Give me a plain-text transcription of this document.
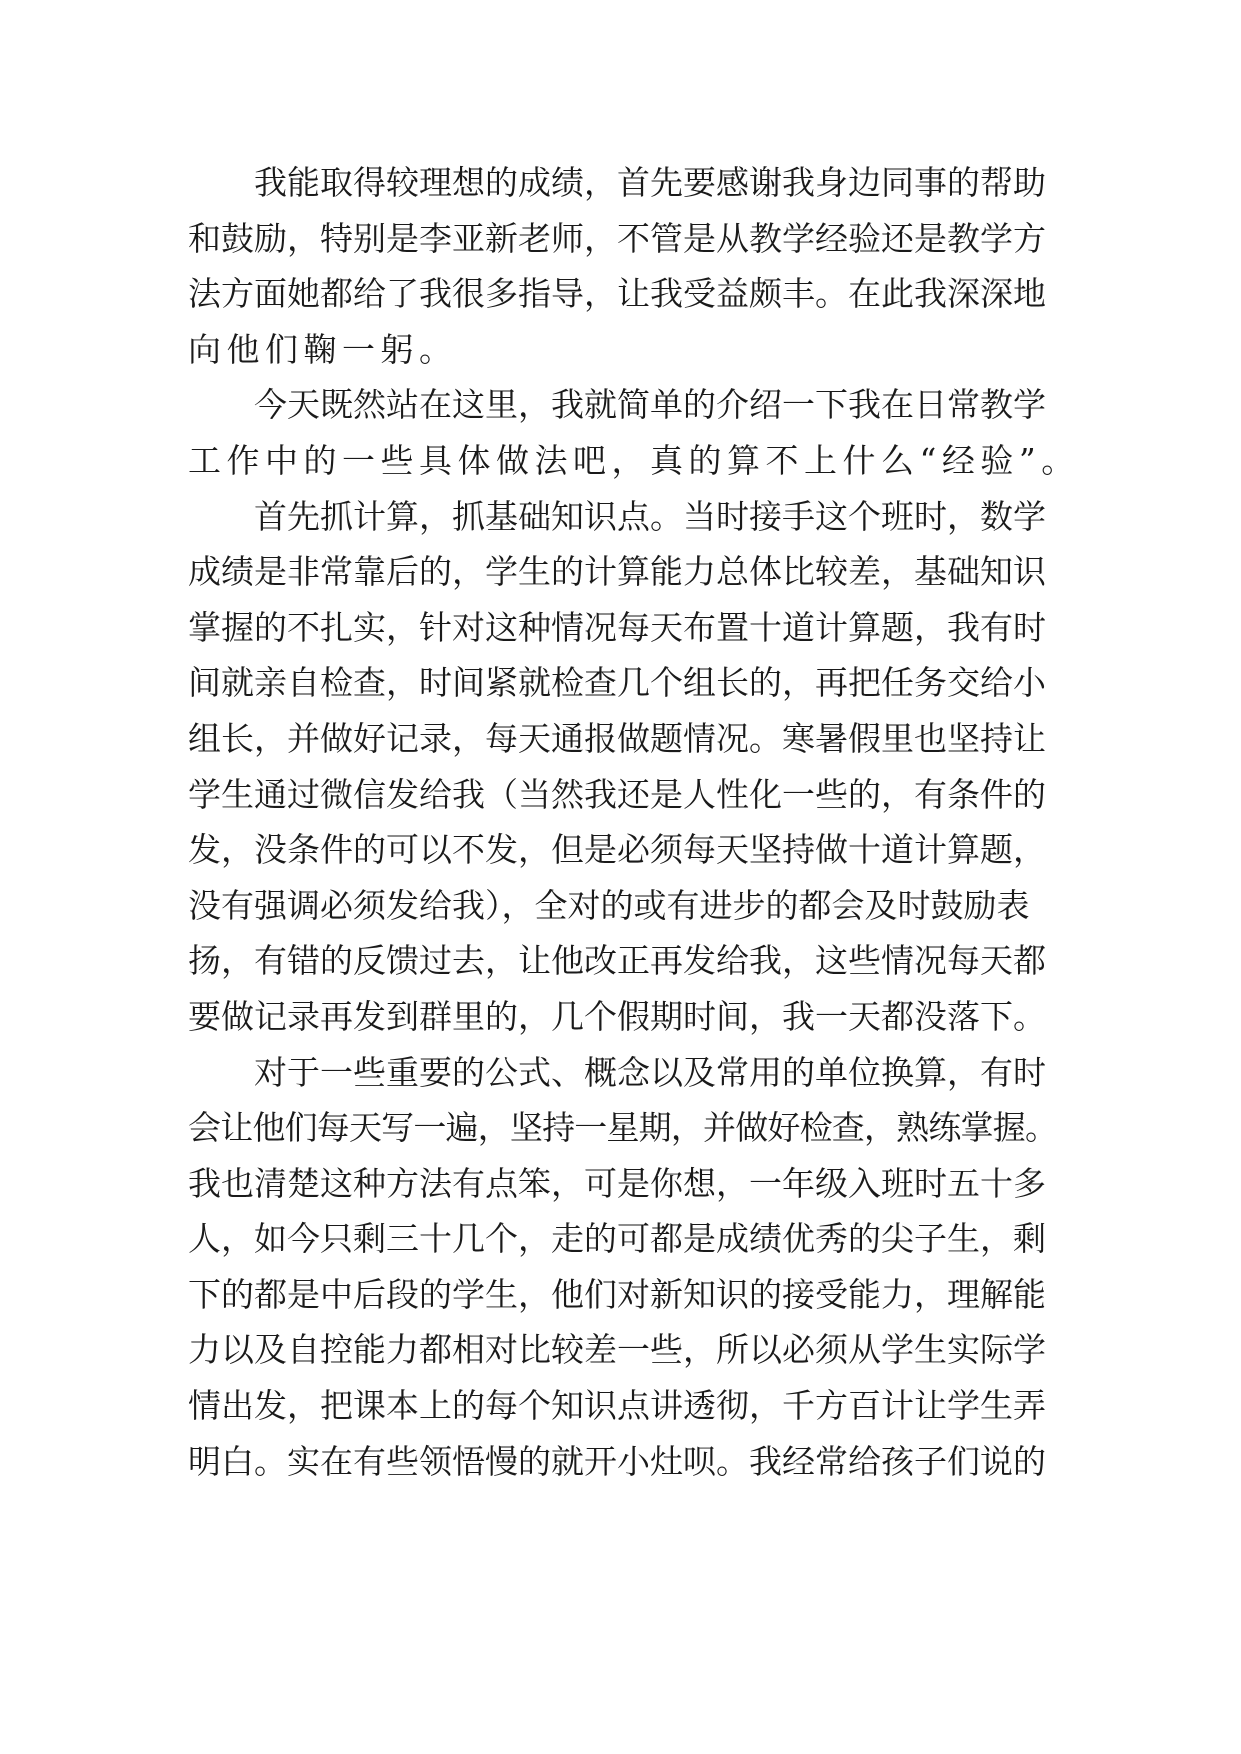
我能取得较理想的成绩，首先要感谢我身边同事的帮助
和鼓励，特别是李亚新老师，不管是从教学经验还是教学方
法方面她都给了我很多指导，让我受益颇丰。在此我深深地
向他们鞠一躬。
今天既然站在这里，我就简单的介绍一下我在日常教学
工作中的一些具体做法吧，真的算不上什么“经验”。
首先抓计算，抓基础知识点。当时接手这个班时，数学
成绩是非常靠后的，学生的计算能力总体比较差，基础知识
掌握的不扎实，针对这种情况每天布置十道计算题，我有时
间就亲自检查，时间紧就检查几个组长的，再把任务交给小
组长，并做好记录，每天通报做题情况。寒暑假里也坚持让
学生通过微信发给我（当然我还是人性化一些的，有条件的
发，没条件的可以不发，但是必须每天坚持做十道计算题，
没有强调必须发给我），全对的或有进步的都会及时鼓励表
扬，有错的反馈过去，让他改正再发给我，这些情况每天都
要做记录再发到群里的，几个假期时间，我一天都没落下。
对于一些重要的公式、概念以及常用的单位换算，有时
会让他们每天写一遍，坚持一星期，并做好检查，熟练掌握。
我也清楚这种方法有点笨，可是你想，一年级入班时五十多
人，如今只剩三十几个，走的可都是成绩优秀的尖子生，剩
下的都是中后段的学生，他们对新知识的接受能力，理解能
力以及自控能力都相对比较差一些，所以必须从学生实际学
情出发，把课本上的每个知识点讲透彻，千方百计让学生弄
明白。实在有些领悟慢的就开小灶呗。我经常给孩子们说的
